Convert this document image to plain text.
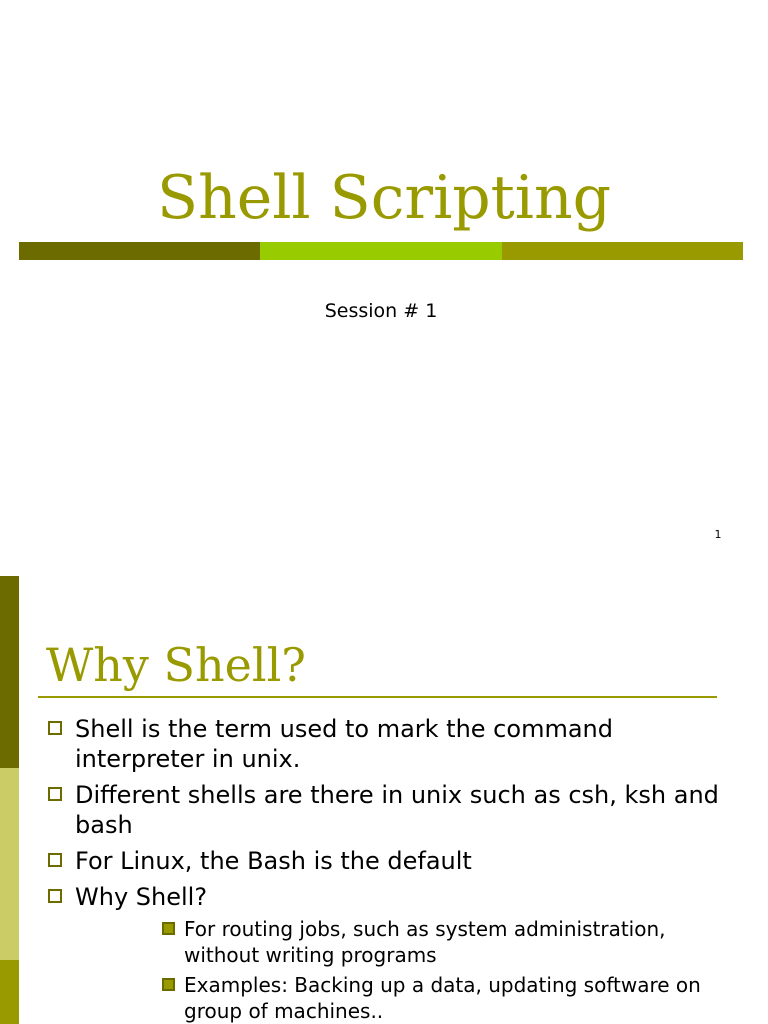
Shell Scripting
Session # 1
1
Why Shell?
Shell is the term used to mark the command interpreter in unix.
Different shells are there in unix such as csh, ksh and bash
For Linux, the Bash is the default
Why Shell?
For routing jobs, such as system administration, without writing programs
Examples: Backing up a data, updating software on group of machines..
